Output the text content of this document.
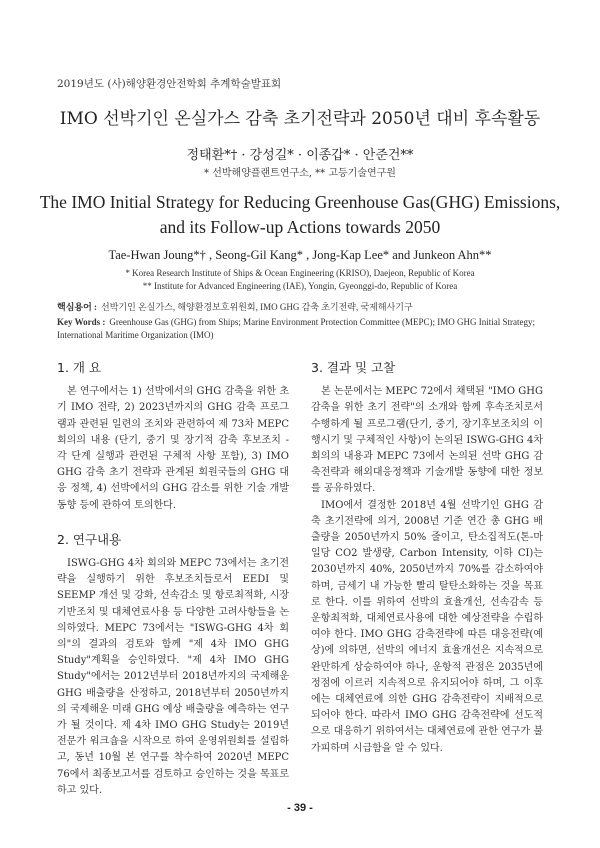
2019년도 (사)해양환경안전학회 추계학술발표회
IMO 선박기인 온실가스 감축 초기전략과 2050년 대비 후속활동
정태환*† · 강성길* · 이종갑* · 안준건**
* 선박해양플랜트연구소, ** 고등기술연구원
The IMO Initial Strategy for Reducing Greenhouse Gas(GHG) Emissions,
and its Follow-up Actions towards 2050
Tae-Hwan Joung*† , Seong-Gil Kang* , Jong-Kap Lee* and Junkeon Ahn**
* Korea Research Institute of Ships & Ocean Engineering (KRISO), Daejeon, Republic of Korea
** Institute for Advanced Engineering (IAE), Yongin, Gyeonggi-do, Republic of Korea
핵심용어 : 선박기인 온실가스, 해양환경보호위원회, IMO GHG 감축 초기전략, 국제해사기구
Key Words : Greenhouse Gas (GHG) from Ships; Marine Environment Protection Committee (MEPC); IMO GHG Initial Strategy; International Maritime Organization (IMO)
1. 개 요

본 연구에서는 1) 선박에서의 GHG 감축을 위한 초기 IMO 전략, 2) 2023년까지의 GHG 감축 프로그램과 관련된 일련의 조치와 관련하여 제 73차 MEPC 회의의 내용 (단기, 중기 및 장기적 감축 후보조치 - 각 단계 실행과 관련된 구체적 사항 포함), 3) IMO GHG 감축 초기 전략과 관계된 회원국들의 GHG 대응 정책, 4) 선박에서의 GHG 감소를 위한 기술 개발 동향 등에 관하여 토의한다.

2. 연구내용

ISWG-GHG 4차 회의와 MEPC 73에서는 초기전략을 실행하기 위한 후보조치들로서 EEDI 및 SEEMP 개선 및 강화, 선속감소 및 항로최적화, 시장기반조치 및 대체연료사용 등 다양한 고려사항들을 논의하였다. MEPC 73에서는 "ISWG-GHG 4차 회의"의 결과의 검토와 함께 "제 4차 IMO GHG Study"계획을 승인하였다. "제 4차 IMO GHG Study"에서는 2012년부터 2018년까지의 국제해운 GHG 배출량을 산정하고, 2018년부터 2050년까지의 국제해운 미래 GHG 예상 배출량을 예측하는 연구가 될 것이다. 제 4차 IMO GHG Study는 2019년 전문가 워크숍을 시작으로 하여 운영위원회를 설립하고, 동년 10월 본 연구를 착수하여 2020년 MEPC 76에서 최종보고서를 검토하고 승인하는 것을 목표로 하고 있다.

3. 결과 및 고찰

본 논문에서는 MEPC 72에서 채택된 "IMO GHG 감축을 위한 초기 전략"의 소개와 함께 후속조치로서 수행하게 될 프로그램(단기, 중기, 장기후보조치의 이행시기 및 구체적인 사항)이 논의된 ISWG-GHG 4차 회의의 내용과 MEPC 73에서 논의된 선박 GHG 감축전략과 해외대응정책과 기술개발 동향에 대한 정보를 공유하였다.

IMO에서 결정한 2018년 4월 선박기인 GHG 감축 초기전략에 의거, 2008년 기준 연간 총 GHG 배출량을 2050년까지 50% 줄이고, 탄소집적도(톤-마일당 CO2 발생량, Carbon Intensity, 이하 CI)는 2030년까지 40%, 2050년까지 70%를 감소하여야 하며, 금세기 내 가능한 빨리 탈탄소화하는 것을 목표로 한다. 이를 위하여 선박의 효율개선, 선속감속 등 운항최적화, 대체연료사용에 대한 예상전략을 수립하여야 한다. IMO GHG 감축전략에 따른 대응전략(예상)에 의하면, 선박의 에너지 효율개선은 지속적으로 완만하게 상승하여야 하나, 운항적 관점은 2035년에 정점에 이르러 지속적으로 유지되어야 하며, 그 이후에는 대체연료에 의한 GHG 감축전략이 지배적으로 되어야 한다. 따라서 IMO GHG 감축전략에 선도적으로 대응하기 위하여서는 대체연료에 관한 연구가 불가피하며 시급함을 알 수 있다.

- 39 -
